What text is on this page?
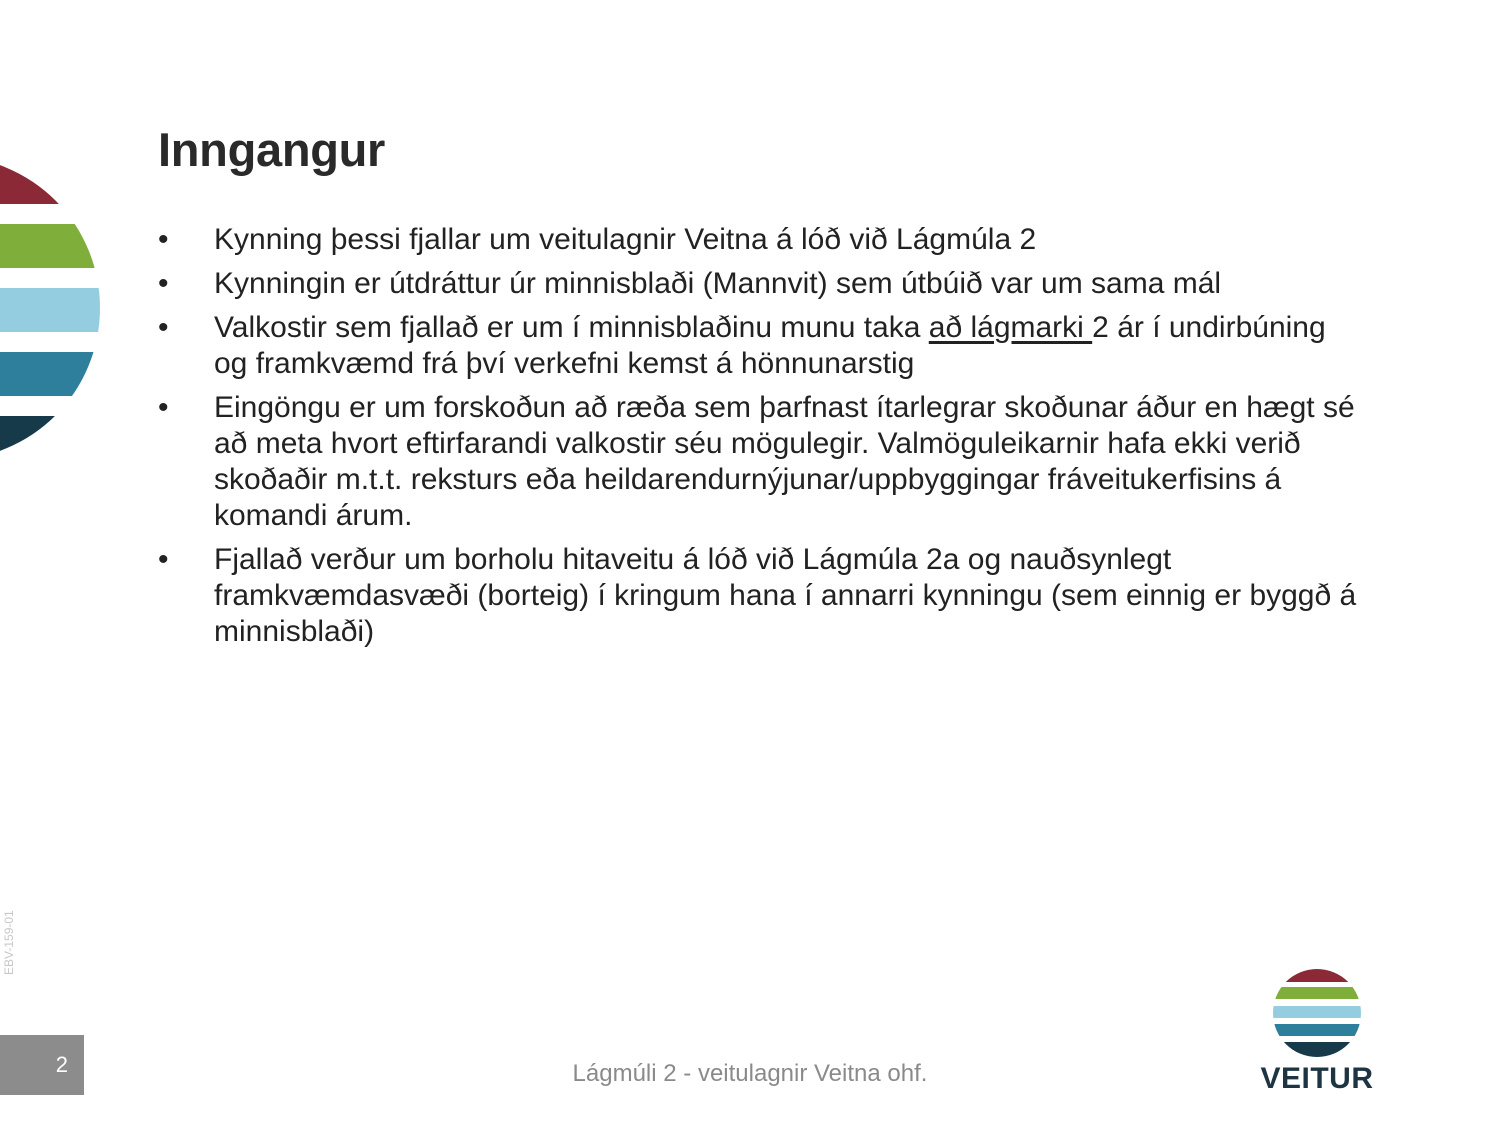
Inngangur
•	Kynning þessi fjallar um veitulagnir Veitna á lóð við Lágmúla 2
•	Kynningin er útdráttur úr minnisblaði (Mannvit) sem útbúið var um sama mál
•	Valkostir sem fjallað er um í minnisblaðinu munu taka að lágmarki 2 ár í undirbúning og framkvæmd frá því verkefni kemst á hönnunarstig
•	Eingöngu er um forskoðun að ræða sem þarfnast ítarlegrar skoðunar áður en hægt sé að meta hvort eftirfarandi valkostir séu mögulegir. Valmöguleikarnir hafa ekki verið skoðaðir m.t.t. reksturs eða heildarendurnýjunar/uppbyggingar fráveitukerfisins á komandi árum.
•	Fjallað verður um borholu hitaveitu á lóð við Lágmúla 2a og nauðsynlegt framkvæmdasvæði (borteig) í kringum hana í annarri kynningu (sem einnig er byggð á minnisblaði)
EBV-159-01
2	Lágmúli 2 - veitulagnir Veitna ohf.	VEITUR
